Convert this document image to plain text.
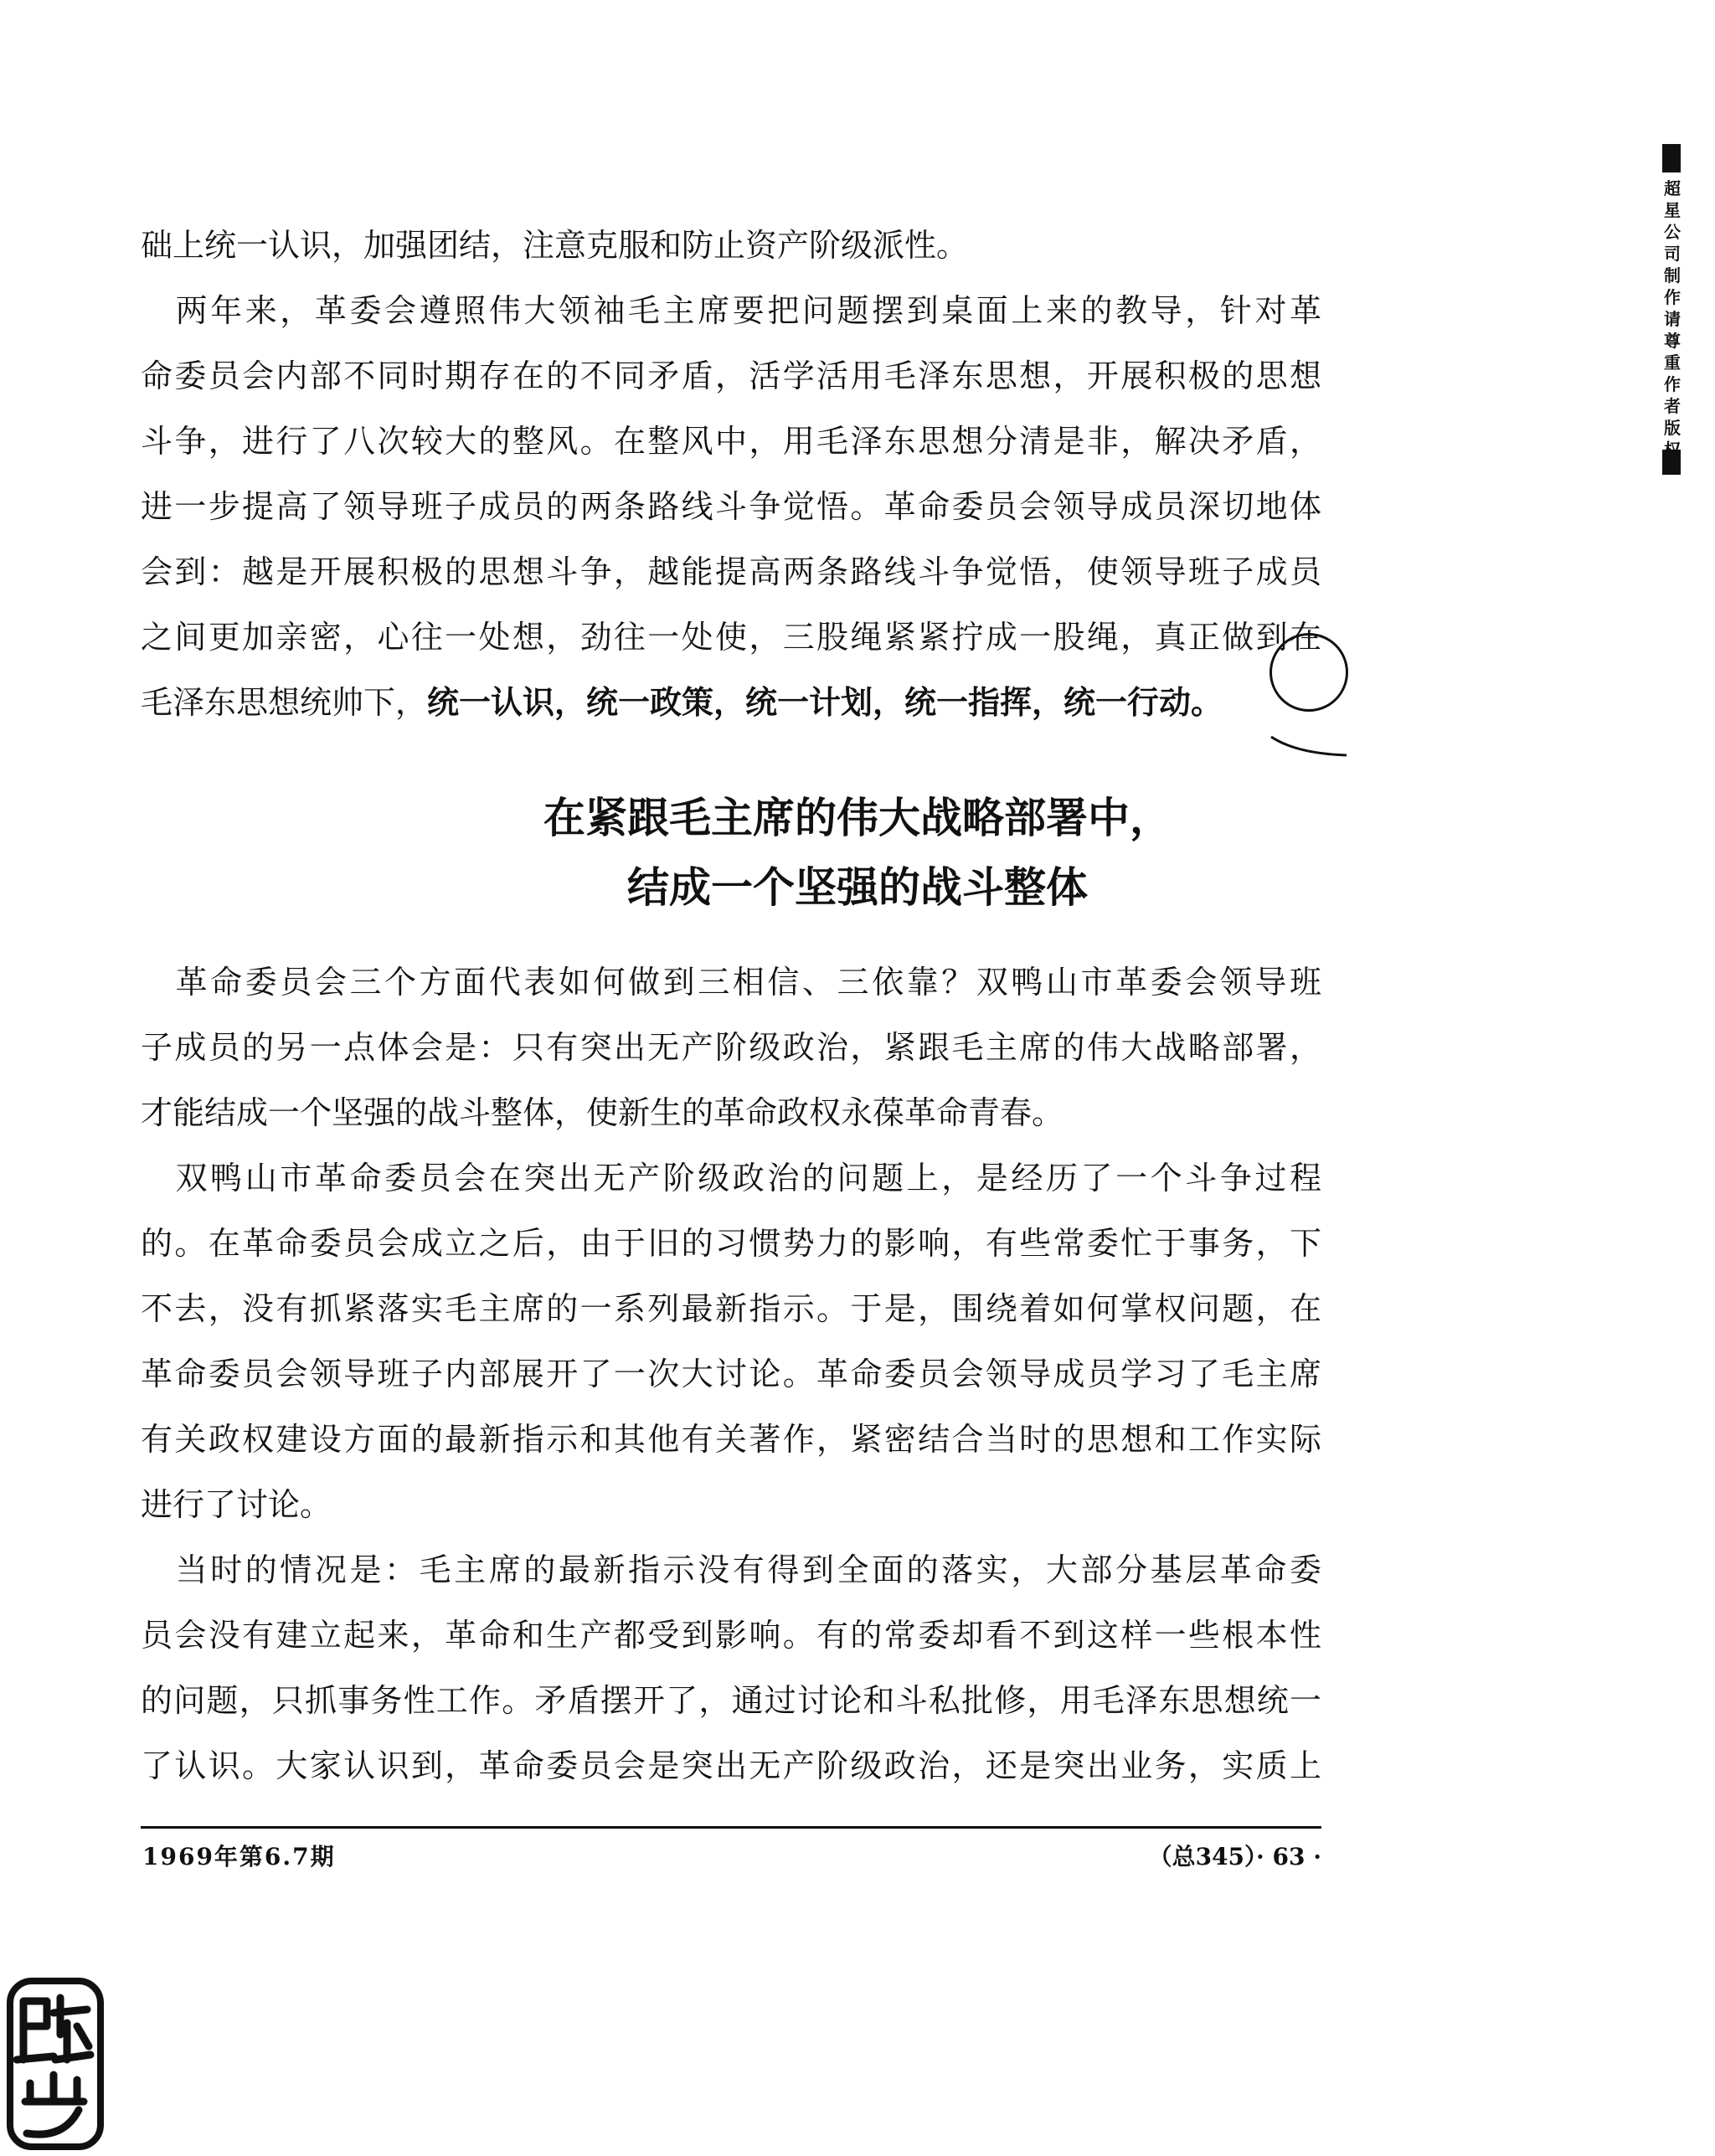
础上统一认识，加强团结，注意克服和防止资产阶级派性。
　两年来，革委会遵照伟大领袖毛主席要把问题摆到桌面上来的教导，针对革
命委员会内部不同时期存在的不同矛盾，活学活用毛泽东思想，开展积极的思想
斗争，进行了八次较大的整风。在整风中，用毛泽东思想分清是非，解决矛盾，
进一步提高了领导班子成员的两条路线斗争觉悟。革命委员会领导成员深切地体
会到：越是开展积极的思想斗争，越能提高两条路线斗争觉悟，使领导班子成员
之间更加亲密，心往一处想，劲往一处使，三股绳紧紧拧成一股绳，真正做到在
毛泽东思想统帅下，统一认识，统一政策，统一计划，统一指挥，统一行动。
在紧跟毛主席的伟大战略部署中，
结成一个坚强的战斗整体
　革命委员会三个方面代表如何做到三相信、三依靠？双鸭山市革委会领导班
子成员的另一点体会是：只有突出无产阶级政治，紧跟毛主席的伟大战略部署，
才能结成一个坚强的战斗整体，使新生的革命政权永葆革命青春。
　双鸭山市革命委员会在突出无产阶级政治的问题上，是经历了一个斗争过程
的。在革命委员会成立之后，由于旧的习惯势力的影响，有些常委忙于事务，下
不去，没有抓紧落实毛主席的一系列最新指示。于是，围绕着如何掌权问题，在
革命委员会领导班子内部展开了一次大讨论。革命委员会领导成员学习了毛主席
有关政权建设方面的最新指示和其他有关著作，紧密结合当时的思想和工作实际
进行了讨论。
　当时的情况是：毛主席的最新指示没有得到全面的落实，大部分基层革命委
员会没有建立起来，革命和生产都受到影响。有的常委却看不到这样一些根本性
的问题，只抓事务性工作。矛盾摆开了，通过讨论和斗私批修，用毛泽东思想统一
了认识。大家认识到，革命委员会是突出无产阶级政治，还是突出业务，实质上
1969年第6.7期	（总345）· 63 ·
超星公司制作请尊重作者版
